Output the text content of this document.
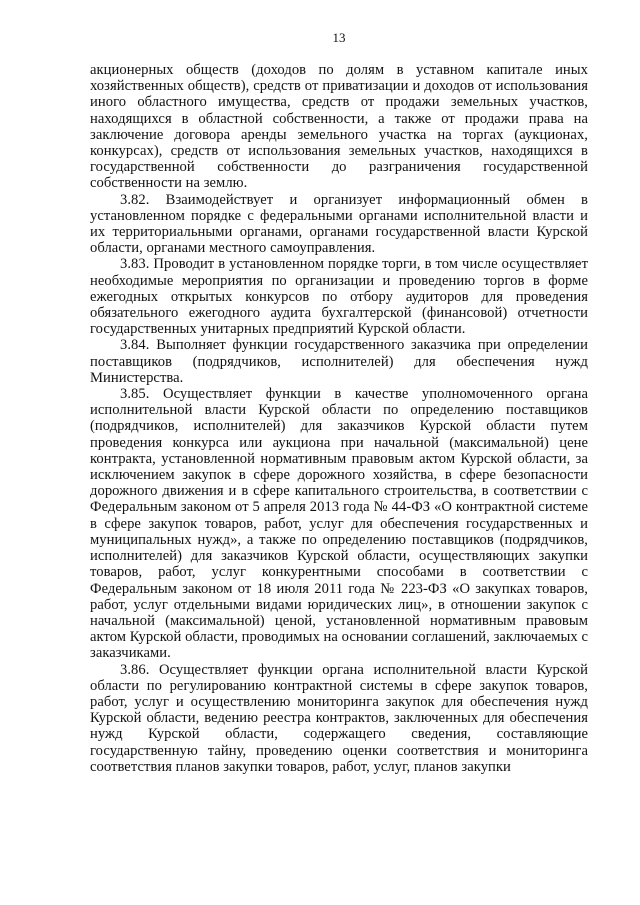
13

акционерных обществ (доходов по долям в уставном капитале иных хозяйственных обществ), средств от приватизации и доходов от использования иного областного имущества, средств от продажи земельных участков, находящихся в областной собственности, а также от продажи права на заключение договора аренды земельного участка на торгах (аукционах, конкурсах), средств от использования земельных участков, находящихся в государственной собственности до разграничения государственной собственности на землю.

3.82. Взаимодействует и организует информационный обмен в установленном порядке с федеральными органами исполнительной власти и их территориальными органами, органами государственной власти Курской области, органами местного самоуправления.

3.83. Проводит в установленном порядке торги, в том числе осуществляет необходимые мероприятия по организации и проведению торгов в форме ежегодных открытых конкурсов по отбору аудиторов для проведения обязательного ежегодного аудита бухгалтерской (финансовой) отчетности государственных унитарных предприятий Курской области.

3.84. Выполняет функции государственного заказчика при определении поставщиков (подрядчиков, исполнителей) для обеспечения нужд Министерства.

3.85. Осуществляет функции в качестве уполномоченного органа исполнительной власти Курской области по определению поставщиков (подрядчиков, исполнителей) для заказчиков Курской области путем проведения конкурса или аукциона при начальной (максимальной) цене контракта, установленной нормативным правовым актом Курской области, за исключением закупок в сфере дорожного хозяйства, в сфере безопасности дорожного движения и в сфере капитального строительства, в соответствии с Федеральным законом от 5 апреля 2013 года № 44-ФЗ «О контрактной системе в сфере закупок товаров, работ, услуг для обеспечения государственных и муниципальных нужд», а также по определению поставщиков (подрядчиков, исполнителей) для заказчиков Курской области, осуществляющих закупки товаров, работ, услуг конкурентными способами в соответствии с Федеральным законом от 18 июля 2011 года № 223-ФЗ «О закупках товаров, работ, услуг отдельными видами юридических лиц», в отношении закупок с начальной (максимальной) ценой, установленной нормативным правовым актом Курской области, проводимых на основании соглашений, заключаемых с заказчиками.

3.86. Осуществляет функции органа исполнительной власти Курской области по регулированию контрактной системы в сфере закупок товаров, работ, услуг и осуществлению мониторинга закупок для обеспечения нужд Курской области, ведению реестра контрактов, заключенных для обеспечения нужд Курской области, содержащего сведения, составляющие государственную тайну, проведению оценки соответствия и мониторинга соответствия планов закупки товаров, работ, услуг, планов закупки
